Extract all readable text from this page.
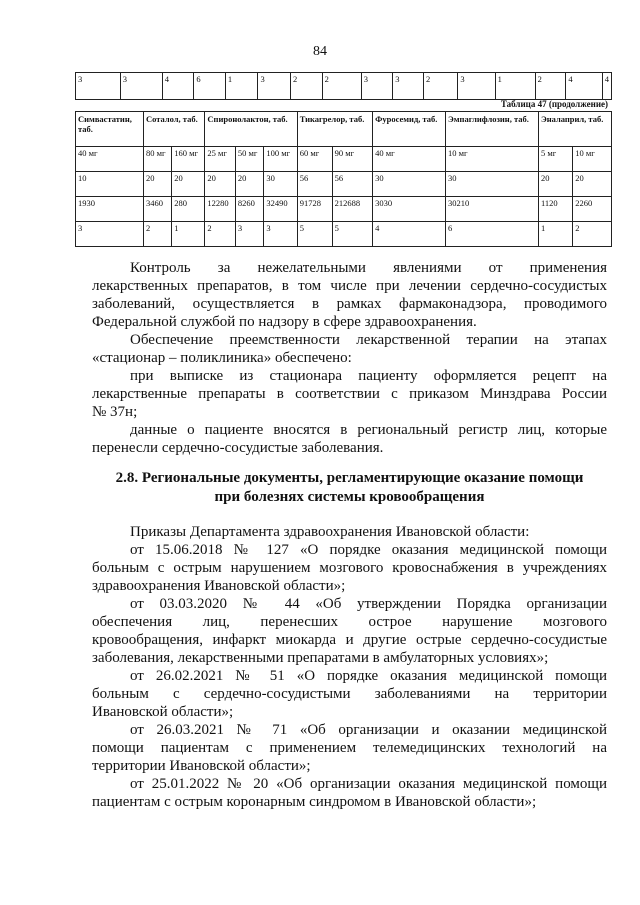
84
3	3	4	6	1	3	2	2	3	3	2	3	1	2	4	4
Таблица 47 (продолжение)
Симвастатин, таб.	Соталол, таб.		Спиронолактон, таб.			Тикагрелор, таб.		Фуросемид, таб.	Эмпаглифлозин, таб.	Эналаприл, таб.	
40 мг	80 мг	160 мг	25 мг	50 мг	100 мг	60 мг	90 мг	40 мг	10 мг	5 мг	10 мг
10	20	20	20	20	30	56	56	30	30	20	20
1930	3460	280	12280	8260	32490	91728	212688	3030	30210	1120	2260
3	2	1	2	3	3	5	5	4	6	1	2
Контроль за нежелательными явлениями от применения
лекарственных препаратов, в том числе при лечении сердечно-сосудистых
заболеваний, осуществляется в рамках фармаконадзора, проводимого
Федеральной службой по надзору в сфере здравоохранения.
Обеспечение преемственности лекарственной терапии на этапах
«стационар – поликлиника» обеспечено:
при выписке из стационара пациенту оформляется рецепт на
лекарственные препараты в соответствии с приказом Минздрава России
№ 37н;
данные о пациенте вносятся в региональный регистр лиц, которые
перенесли сердечно-сосудистые заболевания.
2.8. Региональные документы, регламентирующие оказание помощи
при болезнях системы кровообращения
Приказы Департамента здравоохранения Ивановской области:
от 15.06.2018 № 127 «О порядке оказания медицинской помощи
больным с острым нарушением мозгового кровоснабжения в учреждениях
здравоохранения Ивановской области»;
от 03.03.2020 № 44 «Об утверждении Порядка организации
обеспечения лиц, перенесших острое нарушение мозгового
кровообращения, инфаркт миокарда и другие острые сердечно-сосудистые
заболевания, лекарственными препаратами в амбулаторных условиях»;
от 26.02.2021 № 51 «О порядке оказания медицинской помощи
больным с сердечно-сосудистыми заболеваниями на территории
Ивановской области»;
от 26.03.2021 № 71 «Об организации и оказании медицинской
помощи пациентам с применением телемедицинских технологий на
территории Ивановской области»;
от 25.01.2022 № 20 «Об организации оказания медицинской помощи
пациентам с острым коронарным синдромом в Ивановской области»;
